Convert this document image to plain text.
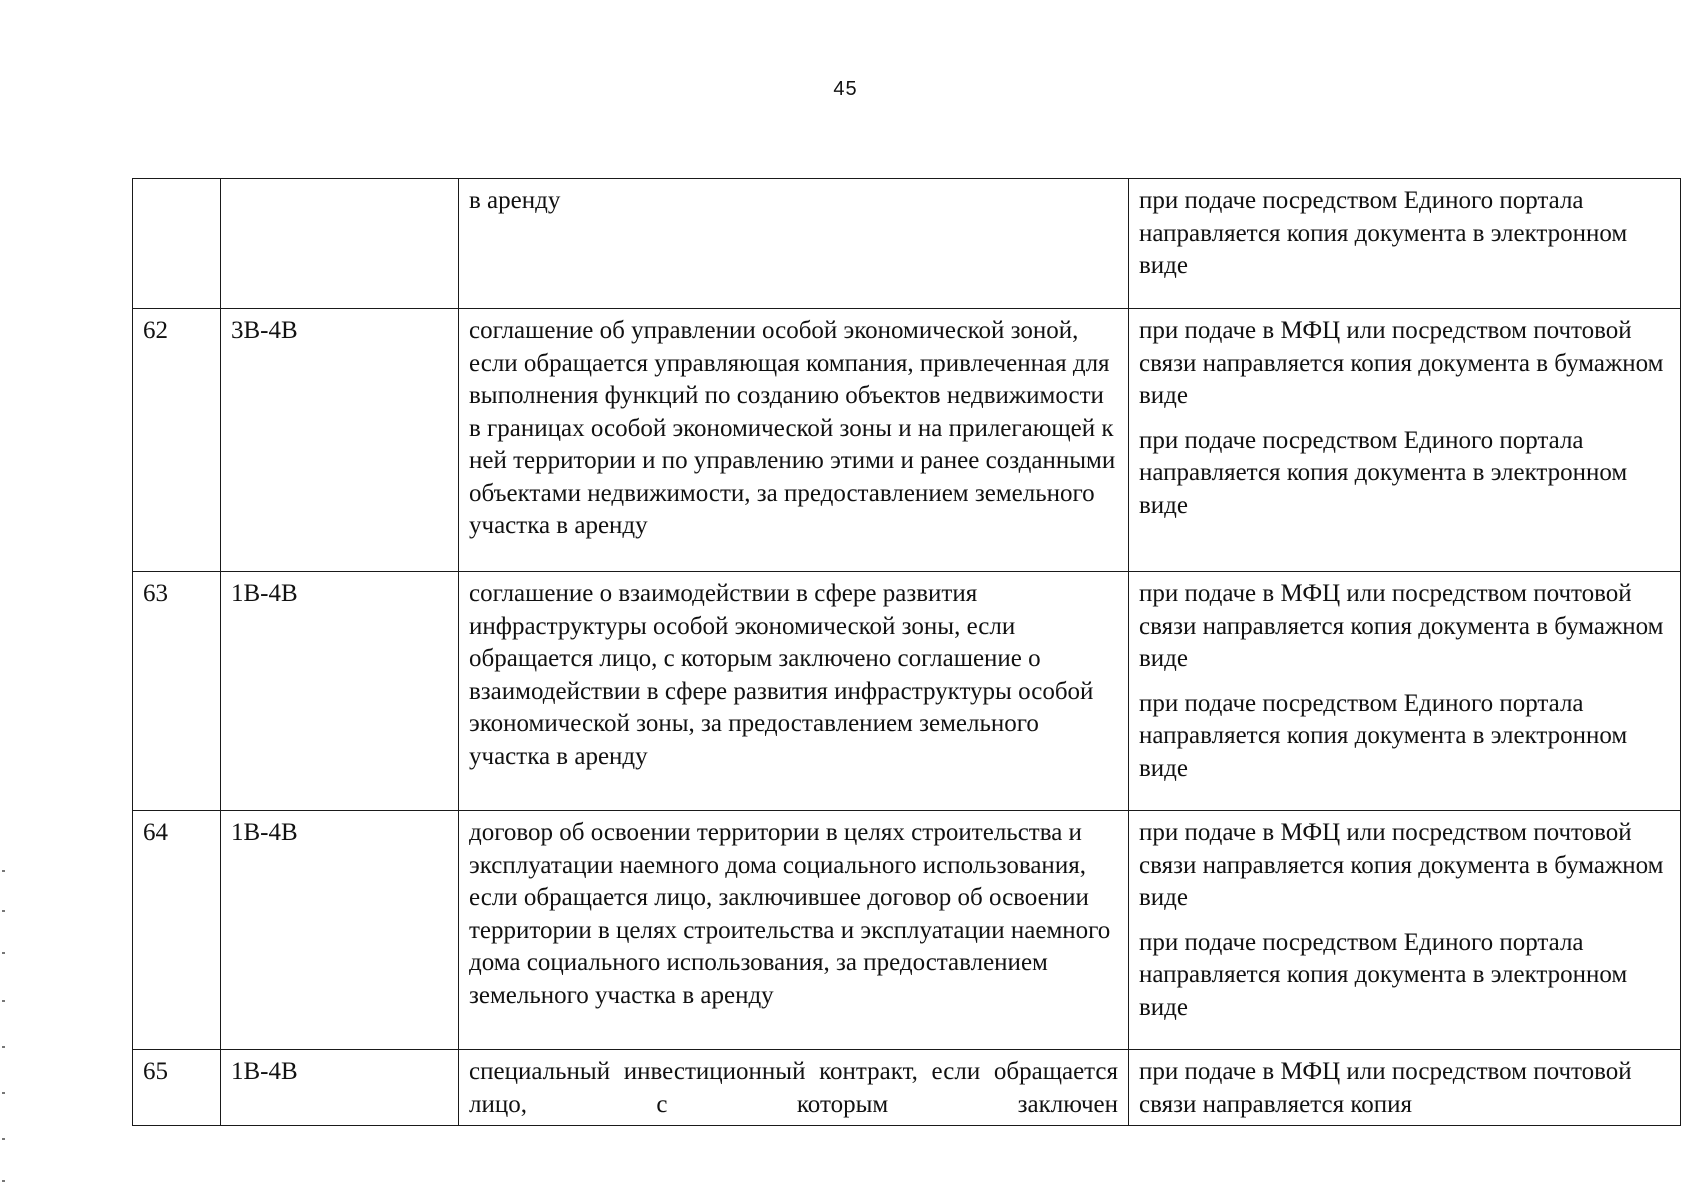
45
		в аренду	при подаче посредством Единого портала направляется копия документа в электронном виде

62	3В-4В	соглашение об управлении особой экономической зоной, если обращается управляющая компания, привлеченная для выполнения функций по созданию объектов недвижимости в границах особой экономической зоны и на прилегающей к ней территории и по управлению этими и ранее созданными объектами недвижимости, за предоставлением земельного участка в аренду	при подаче в МФЦ или посредством почтовой связи направляется копия документа в бумажном виде

при подаче посредством Единого портала направляется копия документа в электронном виде

63	1В-4В	соглашение о взаимодействии в сфере развития инфраструктуры особой экономической зоны, если обращается лицо, с которым заключено соглашение о взаимодействии в сфере развития инфраструктуры особой экономической зоны, за предоставлением земельного участка в аренду	при подаче в МФЦ или посредством почтовой связи направляется копия документа в бумажном виде

при подаче посредством Единого портала направляется копия документа в электронном виде

64	1В-4В	договор об освоении территории в целях строительства и эксплуатации наемного дома социального использования, если обращается лицо, заключившее договор об освоении территории в целях строительства и эксплуатации наемного дома социального использования, за предоставлением земельного участка в аренду	при подаче в МФЦ или посредством почтовой связи направляется копия документа в бумажном виде

при подаче посредством Единого портала направляется копия документа в электронном виде

65	1В-4В	специальный инвестиционный контракт, если обращается лицо, с которым заключен	при подаче в МФЦ или посредством почтовой связи направляется копия
